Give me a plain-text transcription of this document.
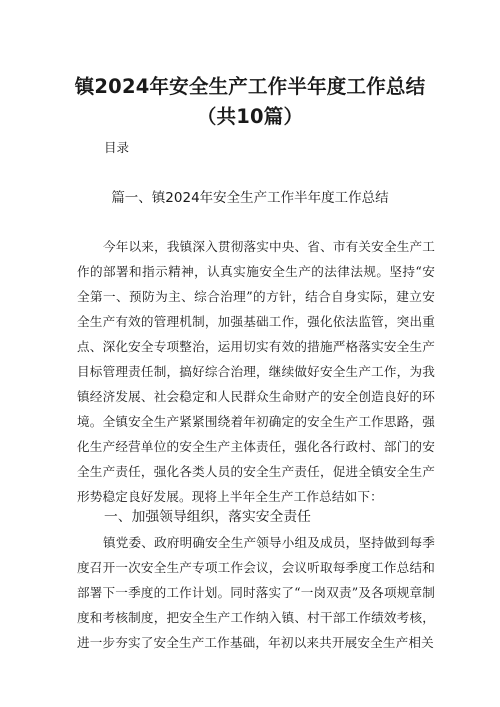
镇2024年安全生产工作半年度工作总结（共10篇）
目录
篇一、镇2024年安全生产工作半年度工作总结

今年以来，我镇深入贯彻落实中央、省、市有关安全生产工作的部署和指示精神，认真实施安全生产的法律法规。坚持“安全第一、预防为主、综合治理”的方针，结合自身实际，建立安全生产有效的管理机制，加强基础工作，强化依法监管，突出重点、深化安全专项整治，运用切实有效的措施严格落实安全生产目标管理责任制，搞好综合治理，继续做好安全生产工作，为我镇经济发展、社会稳定和人民群众生命财产的安全创造良好的环境。全镇安全生产紧紧围绕着年初确定的安全生产工作思路，强化生产经营单位的安全生产主体责任，强化各行政村、部门的安全生产责任，强化各类人员的安全生产责任，促进全镇安全生产形势稳定良好发展。现将上半年全生产工作总结如下：

一、加强领导组织，落实安全责任

镇党委、政府明确安全生产领导小组及成员，坚持做到每季度召开一次安全生产专项工作会议，会议听取每季度工作总结和部署下一季度的工作计划。同时落实了“一岗双责”及各项规章制度和考核制度，把安全生产工作纳入镇、村干部工作绩效考核，进一步夯实了安全生产工作基础，年初以来共开展安全生产相关
